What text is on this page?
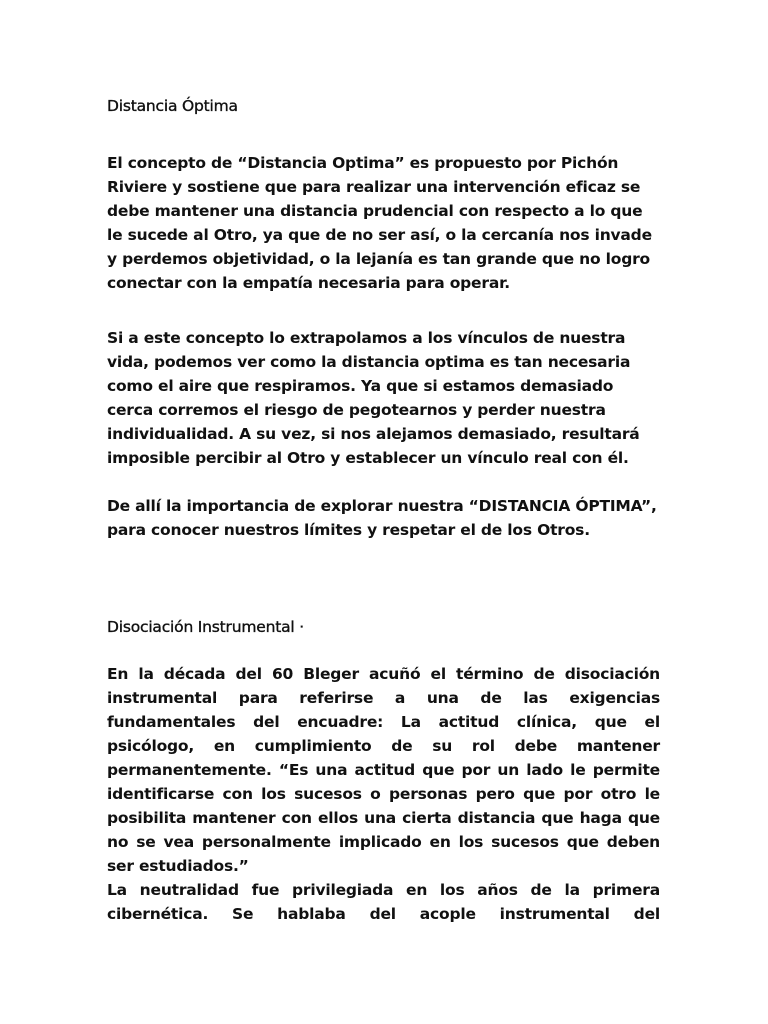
Distancia Óptima

El concepto de “Distancia Optima” es propuesto por Pichón Riviere y sostiene que para realizar una intervención eficaz se debe mantener una distancia prudencial con respecto a lo que le sucede al Otro, ya que de no ser así, o la cercanía nos invade y perdemos objetividad, o la lejanía es tan grande que no logro conectar con la empatía necesaria para operar.

Si a este concepto lo extrapolamos a los vínculos de nuestra vida, podemos ver como la distancia optima es tan necesaria como el aire que respiramos. Ya que si estamos demasiado cerca corremos el riesgo de pegotearnos y perder nuestra individualidad. A su vez, si nos alejamos demasiado, resultará imposible percibir al Otro y establecer un vínculo real con él.

De allí la importancia de explorar nuestra “DISTANCIA ÓPTIMA”, para conocer nuestros límites y respetar el de los Otros.

Disociación Instrumental ·

En la década del 60 Bleger acuñó el término de disociación instrumental para referirse a una de las exigencias fundamentales del encuadre: La actitud clínica, que el psicólogo, en cumplimiento de su rol debe mantener permanentemente. “Es una actitud que por un lado le permite identificarse con los sucesos o personas pero que por otro le posibilita mantener con ellos una cierta distancia que haga que no se vea personalmente implicado en los sucesos que deben ser estudiados.”

La neutralidad fue privilegiada en los años de la primera cibernética. Se hablaba del acople instrumental del
